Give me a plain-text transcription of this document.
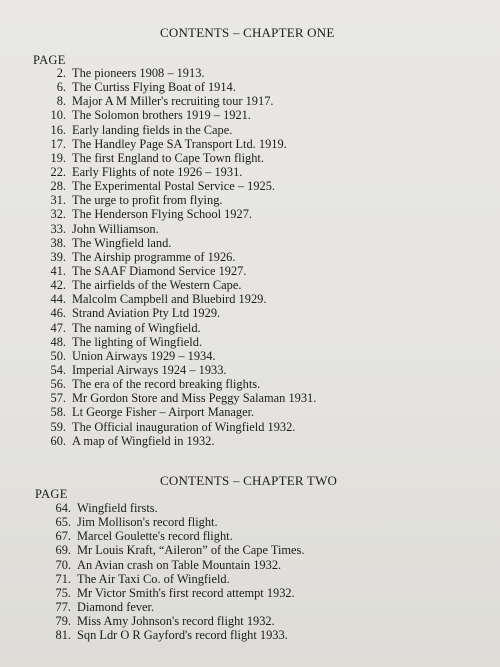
CONTENTS – CHAPTER ONE
PAGE
2. The pioneers 1908 – 1913.
6. The Curtiss Flying Boat of 1914.
8. Major A M Miller's recruiting tour 1917.
10. The Solomon brothers 1919 – 1921.
16. Early landing fields in the Cape.
17. The Handley Page SA Transport Ltd. 1919.
19. The first England to Cape Town flight.
22. Early Flights of note 1926 – 1931.
28. The Experimental Postal Service – 1925.
31. The urge to profit from flying.
32. The Henderson Flying School 1927.
33. John Williamson.
38. The Wingfield land.
39. The Airship programme of 1926.
41. The SAAF Diamond Service 1927.
42. The airfields of the Western Cape.
44. Malcolm Campbell and Bluebird 1929.
46. Strand Aviation Pty Ltd 1929.
47. The naming of Wingfield.
48. The lighting of Wingfield.
50. Union Airways 1929 – 1934.
54. Imperial Airways 1924 – 1933.
56. The era of the record breaking flights.
57. Mr Gordon Store and Miss Peggy Salaman 1931.
58. Lt George Fisher – Airport Manager.
59. The Official inauguration of Wingfield 1932.
60. A map of Wingfield in 1932.
CONTENTS – CHAPTER TWO
PAGE
64. Wingfield firsts.
65. Jim Mollison's record flight.
67. Marcel Goulette's record flight.
69. Mr Louis Kraft, “Aileron” of the Cape Times.
70. An Avian crash on Table Mountain 1932.
71. The Air Taxi Co. of Wingfield.
75. Mr Victor Smith's first record attempt 1932.
77. Diamond fever.
79. Miss Amy Johnson's record flight 1932.
81. Sqn Ldr O R Gayford's record flight 1933.
